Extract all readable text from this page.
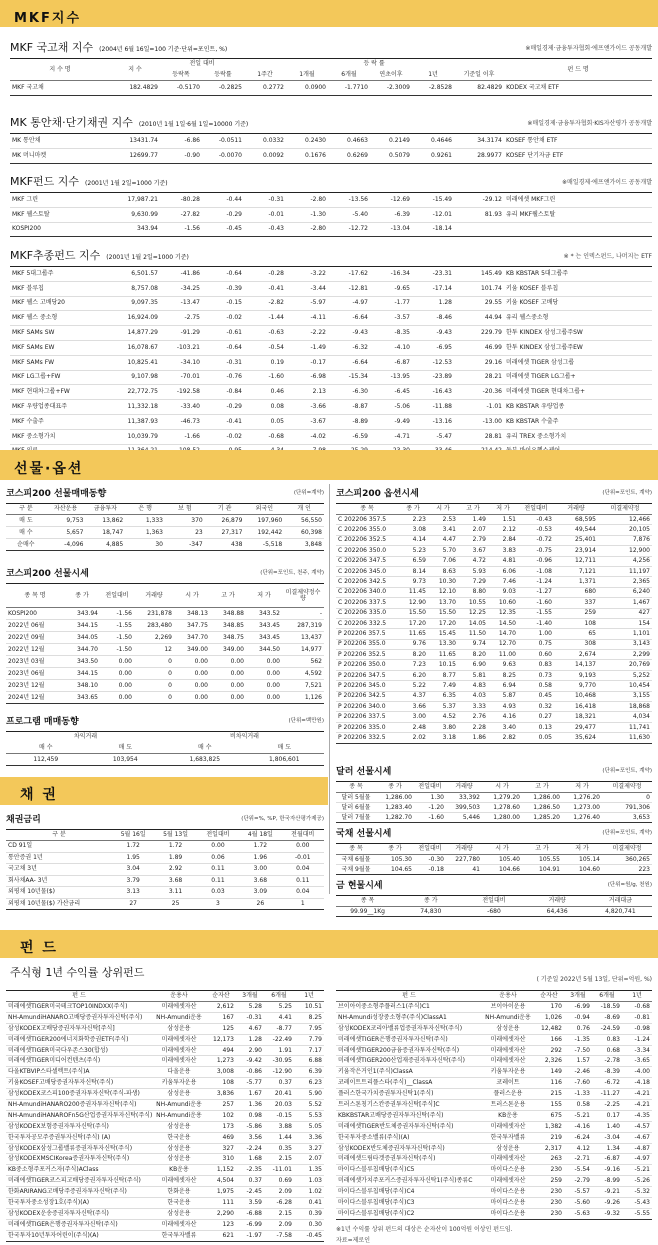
MKF지수
MKF 국고채 지수 (2004년 6월 16일=100 기준·단위=포인트, %)	※매일경제·금융투자협회·에프앤가이드 공동개발
지 수 명	지 수	전일 대비		등 락 률						펀 드 명
		등락폭	등락률	1주간	1개월	6개월	연초이후	1년	기준일 이후	
MKF 국고채	182.4829	-0.5170	-0.2825	0.2772	0.0900	-1.7710	-2.3009	-2.8528	82.4829	KODEX 국고채 ETF
MK 통안채·단기채권 지수 (2010년 1월 1일·6월 1일=10000 기준)	※매일경제·금융투자협회·KIS자산평가 공동개발
MK 통안채	13431.74	-6.86	-0.0511	0.0332	0.2430	0.4663	0.2149	0.4646	34.3174	KOSEF 통안채 ETF
MK 머니마켓	12699.77	-0.90	-0.0070	0.0092	0.1676	0.6269	0.5079	0.9261	28.9977	KOSEF 단기자금 ETF
MKF펀드 지수 (2001년 1월 2일=1000 기준)	※매일경제·에프앤가이드 공동개발
MKF 그린	17,987.21	-80.28	-0.44	-0.31	-2.80	-13.56	-12.69	-15.49	-29.12	미래에셋 MKF그린
MKF 웰스토탈	9,630.99	-27.82	-0.29	-0.01	-1.30	-5.40	-6.39	-12.01	81.93	유리 MKF웰스토탈
KOSPI200	343.94	-1.56	-0.45	-0.43	-2.80	-12.72	-13.04	-18.14		
MKF추종펀드 지수 (2001년 1월 2일=1000 기준)	※ * 는 인덱스펀드, 나머지는 ETF
MKF 5대그룹주	6,501.57	-41.86	-0.64	-0.28	-3.22	-17.62	-16.34	-23.31	145.49	KB KBSTAR 5대그룹주
MKF 블루칩	8,757.08	-34.25	-0.39	-0.41	-3.44	-12.81	-9.65	-17.14	101.74	키움 KOSEF 블루칩
MKF 웰스 고배당20	9,097.35	-13.47	-0.15	-2.82	-5.97	-4.97	-1.77	1.28	29.55	키움 KOSEF 고배당
MKF 웰스 중소형	16,924.09	-2.75	-0.02	-1.44	-4.11	-6.64	-3.57	-8.46	44.94	유리 웰스중소형
MKF SAMs SW	14,877.29	-91.29	-0.61	-0.63	-2.22	-9.43	-8.35	-9.43	229.79	한투 KINDEX 삼성그룹주SW
MKF SAMs EW	16,078.67	-103.21	-0.64	-0.54	-1.49	-6.32	-4.10	-6.95	46.99	한투 KINDEX 삼성그룹주EW
MKF SAMs FW	10,825.41	-34.10	-0.31	0.19	-0.17	-6.64	-6.87	-12.53	29.16	미래에셋 TIGER 삼성그룹
MKF LG그룹+FW	9,107.98	-70.01	-0.76	-1.60	-6.98	-15.34	-13.95	-23.89	28.21	미래에셋 TIGER LG그룹+
MKF 현대차그룹+FW	22,772.75	-192.58	-0.84	0.46	2.13	-6.30	-6.45	-16.43	-20.36	미래에셋 TIGER 현대차그룹+
MKF 우량업종대표주	11,332.18	-33.40	-0.29	0.08	-3.66	-8.87	-5.06	-11.88	-1.01	KB KBSTAR 우량업종
MKF 수출주	11,387.93	-46.73	-0.41	0.05	-3.67	-8.89	-9.49	-13.16	-13.00	KB KBSTAR 수출주
MKF 중소형가치	10,039.79	-1.66	-0.02	-0.68	-4.02	-6.59	-4.71	-5.47	28.81	유리 TREX 중소형가치

선물·옵션
코스피200 선물매매동향	(단위=계약)
구 분	자산운용	금융투자	은 행	보 험	기 관	외국인	개 인
매 도	9,753	13,862	1,333	370	26,879	197,960	56,550
매 수	5,657	18,747	1,363	23	27,317	192,442	60,398
순매수	-4,096	4,885	30	-347	438	-5,518	3,848
코스피200 선물시세	(단위=포인트, 천주, 계약)
종 목 명	종 가	전일대비	거래량	시 가	고 가	저 가	미결제약정수량
KOSPI200	343.94	-1.56	231,878	348.13	348.88	343.52	-
2022년 06월	344.15	-1.55	283,480	347.75	348.85	343.45	287,319
2022년 09월	344.05	-1.50	2,269	347.70	348.75	343.45	13,437
2022년 12월	344.70	-1.50	12	349.00	349.00	344.50	14,977
2023년 03월	343.50	0.00	0	0.00	0.00	0.00	562
2023년 06월	344.15	0.00	0	0.00	0.00	0.00	4,592
2023년 12월	348.10	0.00	0	0.00	0.00	0.00	7,521
2024년 12월	343.65	0.00	0	0.00	0.00	0.00	1,126
프로그램 매매동향	(단위=백만원)
차익거래		비차익거래	
매 수	매 도	매 수	매 도
112,459	103,954	1,683,825	1,806,601
코스피200 옵션시세	(단위=포인트, 계약)
종 목	종 가	시 가	고 가	저 가	전일대비	거래량	미결제약정
C 202206 357.5	2.23	2.53	1.49	1.51	-0.43	68,595	12,466
C 202206 355.0	3.08	3.41	2.07	2.12	-0.53	49,544	20,105
C 202206 352.5	4.14	4.47	2.79	2.84	-0.72	25,401	7,876
C 202206 350.0	5.23	5.70	3.67	3.83	-0.75	23,914	12,900
C 202206 347.5	6.59	7.06	4.72	4.81	-0.96	12,711	4,256
C 202206 345.0	8.14	8.63	5.93	6.06	-1.08	7,121	11,197
C 202206 342.5	9.73	10.30	7.29	7.46	-1.24	1,371	2,365
C 202206 340.0	11.45	12.10	8.80	9.03	-1.27	680	6,240
C 202206 337.5	12.90	13.70	10.55	10.60	-1.60	337	1,467
C 202206 335.0	15.50	15.50	12.25	12.35	-1.55	259	427
C 202206 332.5	17.20	17.20	14.05	14.50	-1.40	108	154
P 202206 357.5	11.65	15.45	11.50	14.70	1.00	65	1,101
P 202206 355.0	9.76	13.30	9.74	12.70	0.75	308	3,143
P 202206 352.5	8.20	11.65	8.20	11.00	0.60	2,674	2,299
P 202206 350.0	7.23	10.15	6.90	9.63	0.83	14,137	20,769
P 202206 347.5	6.20	8.77	5.81	8.25	0.73	9,193	5,252
P 202206 345.0	5.22	7.49	4.83	6.94	0.58	9,770	10,454
P 202206 342.5	4.37	6.35	4.03	5.87	0.45	10,468	3,155
P 202206 340.0	3.66	5.37	3.33	4.93	0.32	16,418	18,868
P 202206 337.5	3.00	4.52	2.76	4.16	0.27	18,321	4,034
P 202206 335.0	2.48	3.80	2.28	3.40	0.13	29,477	11,741
P 202206 332.5	2.02	3.18	1.86	2.82	0.05	35,624	11,630
달러 선물시세	(단위=포인트, 계약)
종 목	종 가	전일대비	거래량	시 가	고 가	저 가	미결제약정
달러 5월물	1,286.00	1.30	33,392	1,279.20	1,286.00	1,276.20	0
달러 6월물	1,283.40	-1.20	399,503	1,278.60	1,286.50	1,273.00	791,306
달러 7월물	1,282.70	-1.60	5,446	1,280.00	1,285.20	1,276.40	3,653
국채 선물시세	(단위=포인트, 계약)
종 목	종 가	전일대비	거래량	시 가	고 가	저 가	미결제약정
국채 6월물	105.30	-0.30	227,780	105.40	105.55	105.14	360,265
국채 9월물	104.65	-0.18	41	104.66	104.91	104.60	223
금 현물시세	(단위=원/g, 천원)
종 목	종 가	전일대비	거래량	거래대금
99.99__1Kg	74,830	-680	64,436	4,820,741
채 권
채권금리	(단위=%, %P, 한국자산평가제공)
구 분	5월 16일	5월 13일	전일대비	4월 18일	전월대비
CD 91일	1.72	1.72	0.00	1.72	0.00
통안증권 1년	1.95	1.89	0.06	1.96	-0.01
국고채 3년	3.04	2.92	0.11	3.00	0.04
회사채AA- 3년	3.79	3.68	0.11	3.68	0.11
외평채 10년물($)	3.13	3.11	0.03	3.09	0.04
외평채 10년물($) 가산금리	27	25	3	26	1
펀 드
주식형 1년 수익률 상위펀드
( 기준일 2022년 5월 13일, 단위=억원, %)
펀 드	운용사	순자산	3개월	6개월	1년
미래에셋TIGER미국테크TOP10INDXX(주식)	미래에셋자산	2,612	5.28	5.25	10.51
NH-AmundiHANARO고배당증권자투자신탁(주식)	NH-Amundi운용	167	-0.31	4.41	8.25
삼성KODEX고배당증권자투자신탁[주식]	삼성운용	125	4.67	-8.77	7.95
미래에셋TIGER200에너지화학증권ETF(주식)	미래에셋자산	12,173	1.28	-22.49	7.79
미래에셋TIGER미국다우존스30(합성)	미래에셋자산	494	2.90	1.91	7.17
미래에셋TIGER미디어컨텐츠(주식)	미래에셋자산	1,273	-9.42	-30.95	6.88
다올KTBVIP스타셀렉트(주식)A	다올운용	3,008	-0.86	-12.90	6.39
키움KOSEF고배당증권자투자신탁(주식)	키움투자운용	108	-5.77	0.37	6.23
삼성KODEX코스피100증권자투자신탁(주식-파생)	삼성운용	3,836	1.67	20.41	5.90
NH-AmundiHANARO200증권자투자신탁(주식)	NH-Amundi운용	257	1.36	20.03	5.52
NH-AmundiHANAROFn5G산업증권자투자신탁(주식)	NH-Amundi운용	102	0.98	-0.15	5.53
삼성KODEX보험증권자투자신탁(주식)	삼성운용	173	-5.86	3.88	5.05
한국투자공모주증권투자신탁(주식) (A)	한국운용	469	3.56	1.44	3.36
삼성KODEX삼성그룹밸류증권자투자신탁(주식)	삼성운용	327	-2.24	0.35	3.27
삼성KODEXMSCIKorea증권자투자신탁(주식)	삼성운용	310	1.68	2.15	2.07
KB중소형주포커스자(주식)AClass	KB운용	1,152	-2.35	-11.01	1.35
미래에셋TIGER코스피고배당증권자투자신탁(주식)	미래에셋자산	4,504	0.37	0.69	1.03
한화ARIRANG고배당주증권자투자신탁(주식)	한화운용	1,975	-2.45	2.09	1.02
한국투자중소성장1호(주식)(A)	한국운용	111	3.59	-6.28	0.41
삼성KODEX운송증권자투자신탁(주식)	삼성운용	2,290	-6.88	2.15	0.39
미래에셋TIGER은행증권자투자신탁(주식)	미래에셋자산	123	-6.99	2.09	0.30
한국투자10년투자어린이(주식)(A)	한국투자밸류	621	-1.97	-7.58	-0.45
펀 드	운용사	순자산	3개월	6개월	1년
브이아이중소형주플러스1(주식)C1	브이아이운용	170	-6.99	-18.59	-0.68
NH-Amundi성장중소형주(주식)ClassA1	NH-Amundi운용	1,026	-0.94	-8.69	-0.81
삼성KODEX코리아밸류업증권자투자신탁(주식)	삼성운용	12,482	0.76	-24.59	-0.98
미래에셋TIGER은행증권자투자신탁(주식)	미래에셋자산	166	-1.35	0.83	-1.24
미래에셋TIGER200금융증권자투자신탁(주식)	미래에셋자산	292	-7.50	0.68	-3.34
미래에셋TIGER200산업재증권자투자신탁(주식)	미래에셋자산	2,326	1.57	-2.78	-3.65
키움작은거인1(주식)ClassA	키움투자운용	149	-2.46	-8.39	-4.00
코레이트트리플스타(주식)__ClassA	코레이트	116	-7.60	-6.72	-4.18
플러스한국가치증권투자신탁1(주식)	플러스운용	215	-1.33	-11.27	-4.21
트러스톤칭기스칸증권투자신탁[주식]C	트러스톤운용	155	0.58	-2.25	-4.21
KBKBSTAR고배당증권자투자신탁(주식)	KB운용	675	-5.21	0.17	-4.35
미래에셋TIGER반도체증권자투자신탁(주식)	미래에셋자산	1,382	-4.16	1.40	-4.57
한국투자중소밸류(주식)(A)	한국투자밸류	219	-6.24	-3.04	-4.67
삼성KODEX반도체증권자투자신탁(주식)	삼성운용	2,317	4.12	1.34	-4.87
미래에셋드림타겟증권투자신탁(주식)	미래에셋자산	263	-2.71	-6.87	-4.97
마이다스블루칩배당(주식)C5	마이다스운용	230	-5.54	-9.16	-5.21
미래에셋가치주포커스증권자투자신탁1(주식)종류C	미래에셋자산	259	-2.79	-8.99	-5.26
마이다스블루칩배당(주식)C4	마이다스운용	230	-5.57	-9.21	-5.32
마이다스블루칩배당(주식)C3	마이다스운용	230	-5.60	-9.26	-5.43
마이다스블루칩배당(주식)C2	마이다스운용	230	-5.63	-9.32	-5.55
※1년 수익률 상위 펀드의 대상은 순자산이 100억원 이상인 펀드임.
자료=제로인
